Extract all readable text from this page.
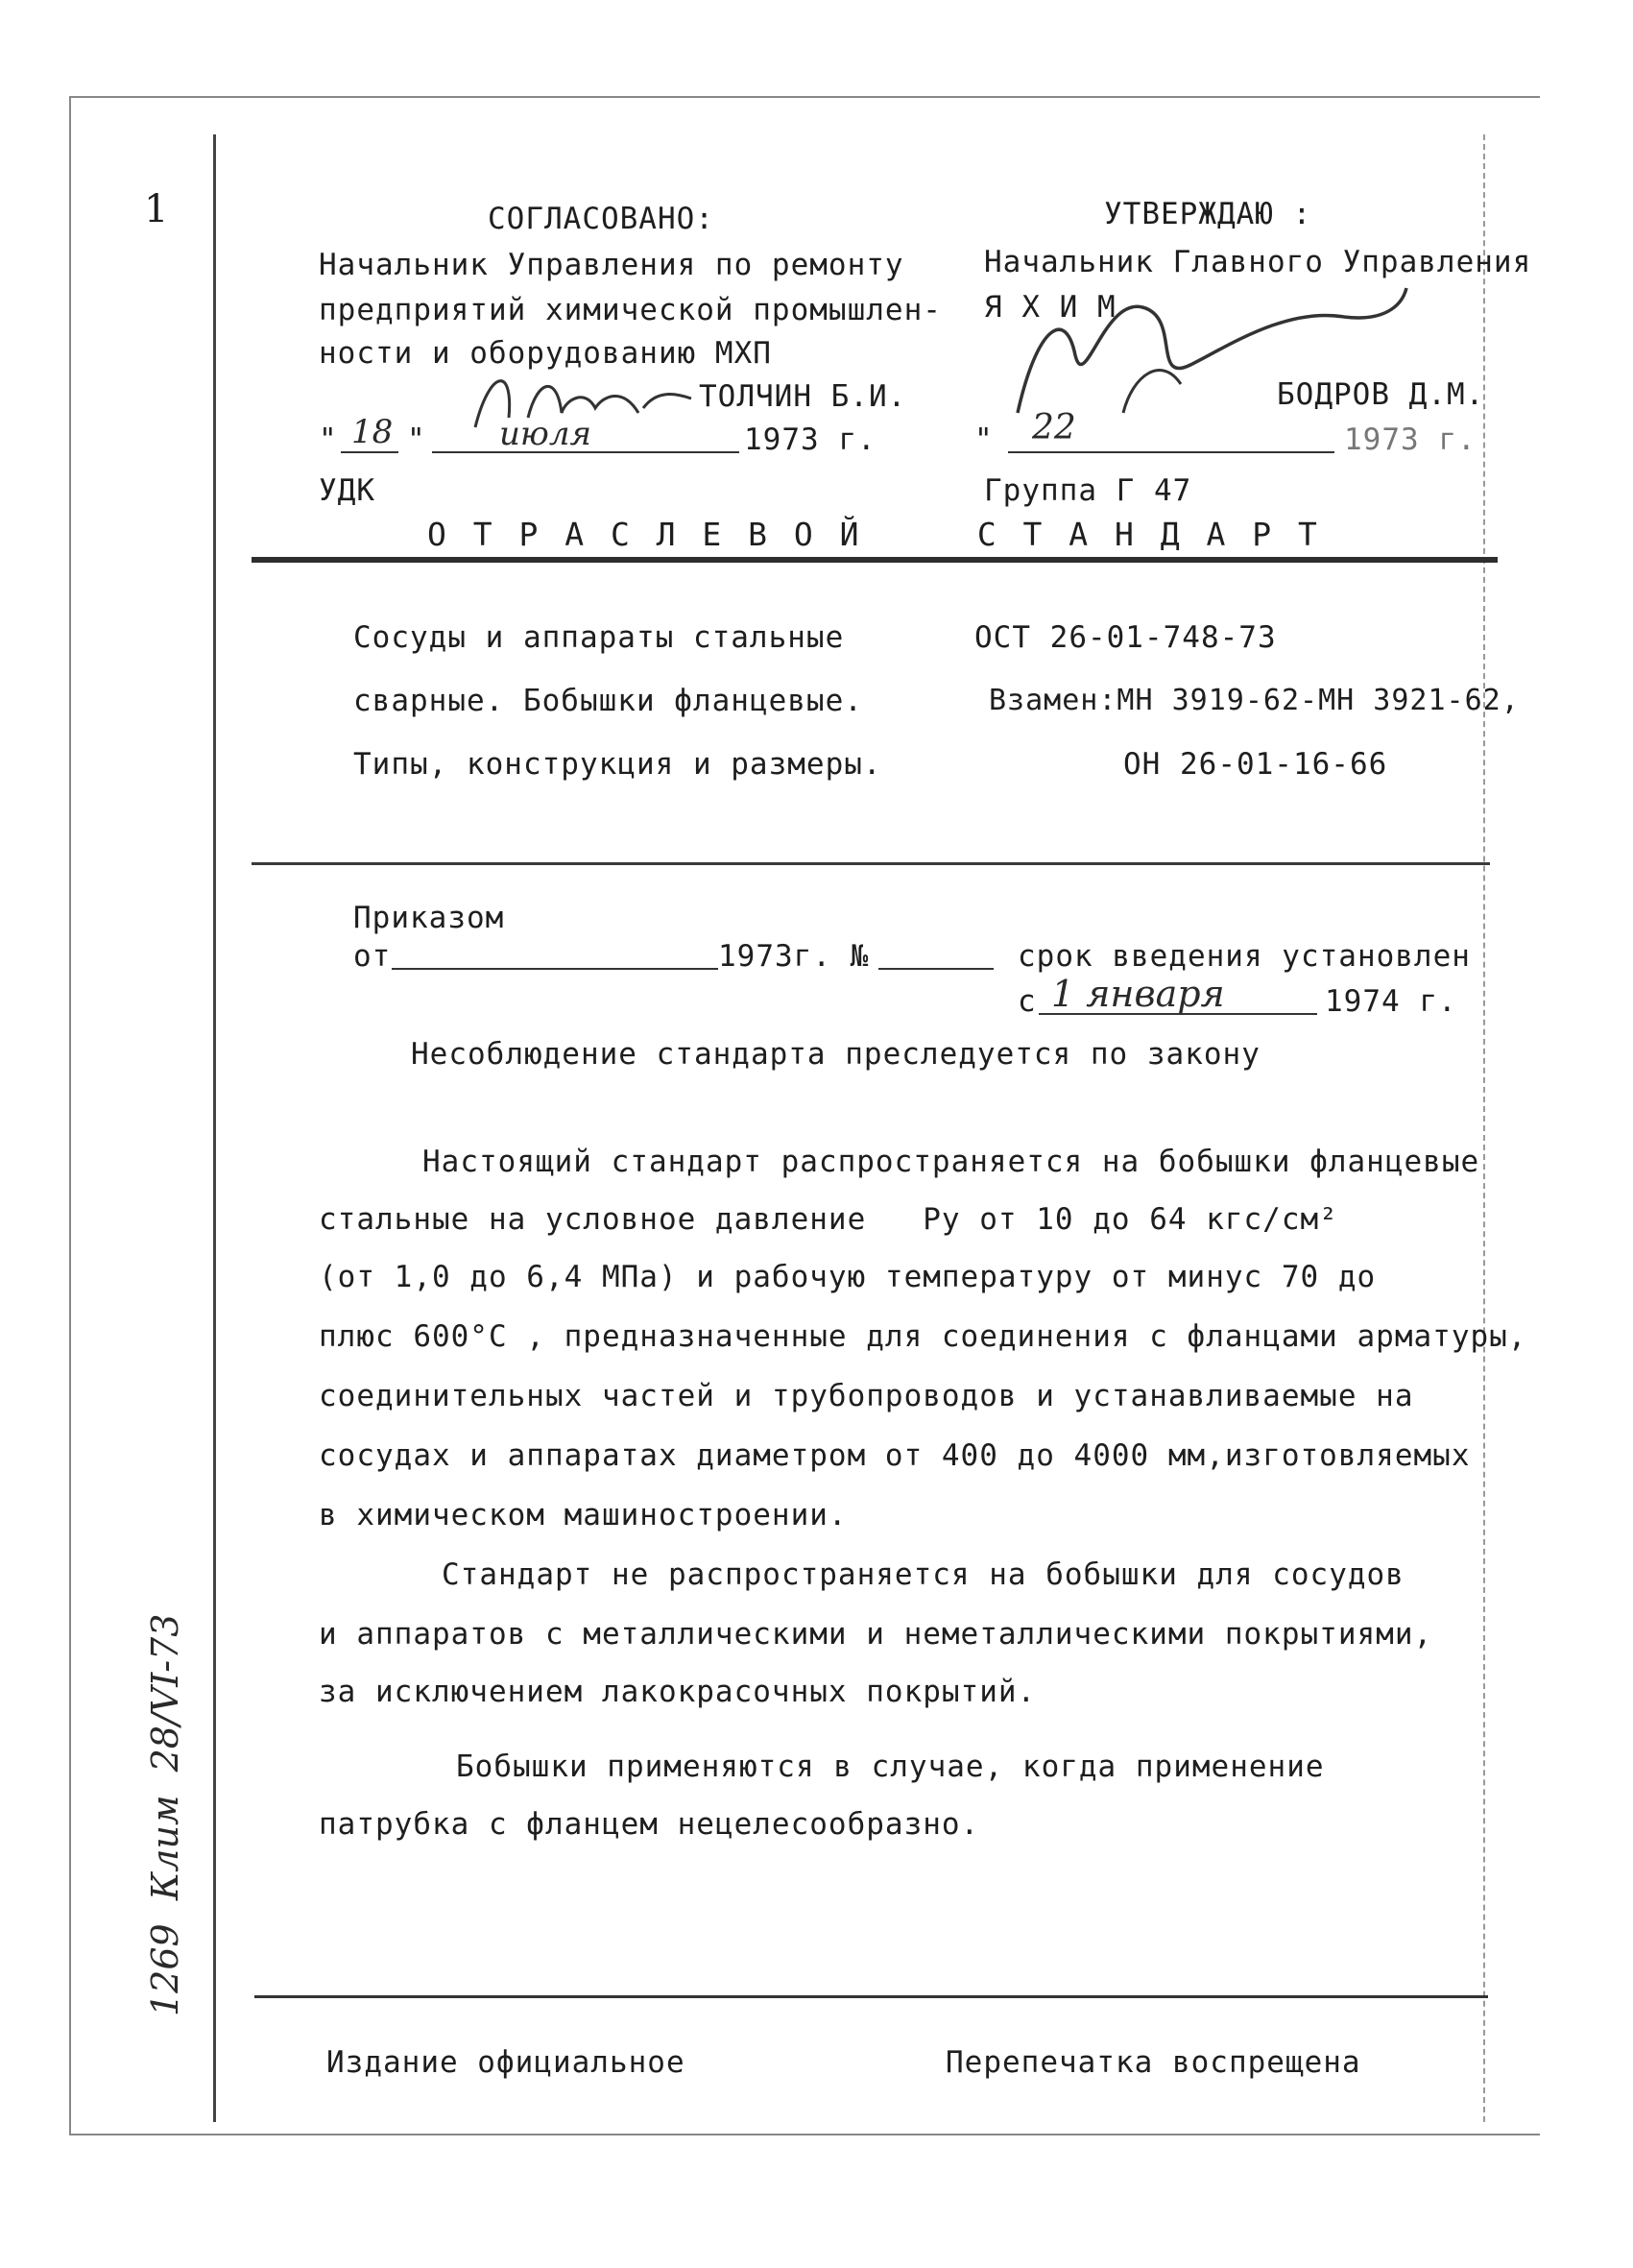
1	СОГЛАСОВАНО:
Начальник Управления по ремонту
предприятий химической промышлен-
ности и оборудованию МХП
ТОЛЧИН Б.И.
" 18 " июля	1973 г.
УТВЕРЖДАЮ :
Начальник Главного Управления
Я Х И М
БОДРОВ Д.М.
" 22	1973 г.
УДК	Группа Г 47
О Т Р А С Л Е В О Й     С Т А Н Д А Р Т
Сосуды и аппараты стальные
сварные. Бобышки фланцевые.
Типы, конструкция и размеры.
ОСТ 26-01-748-73
Взамен:МН 3919-62-МН 3921-62,
ОН 26-01-16-66
Приказом
от	1973г. №	срок введения установлен
с 1 января	1974 г.
Несоблюдение стандарта преследуется по закону
Настоящий стандарт распространяется на бобышки фланцевые
стальные на условное давление   Ру от 10 до 64 кгс/см²
(от 1,0 до 6,4 МПа) и рабочую температуру от минус 70 до
плюс 600°С , предназначенные для соединения с фланцами арматуры,
соединительных частей и трубопроводов и устанавливаемые на
сосудах и аппаратах диаметром от 400 до 4000 мм,изготовляемых
в химическом машиностроении.
Стандарт не распространяется на бобышки для сосудов
и аппаратов с металлическими и неметаллическими покрытиями,
за исключением лакокрасочных покрытий.
Бобышки применяются в случае, когда применение
патрубка с фланцем нецелесообразно.
Издание официальное	Перепечатка воспрещена
1269  Клим  28/VI-73
